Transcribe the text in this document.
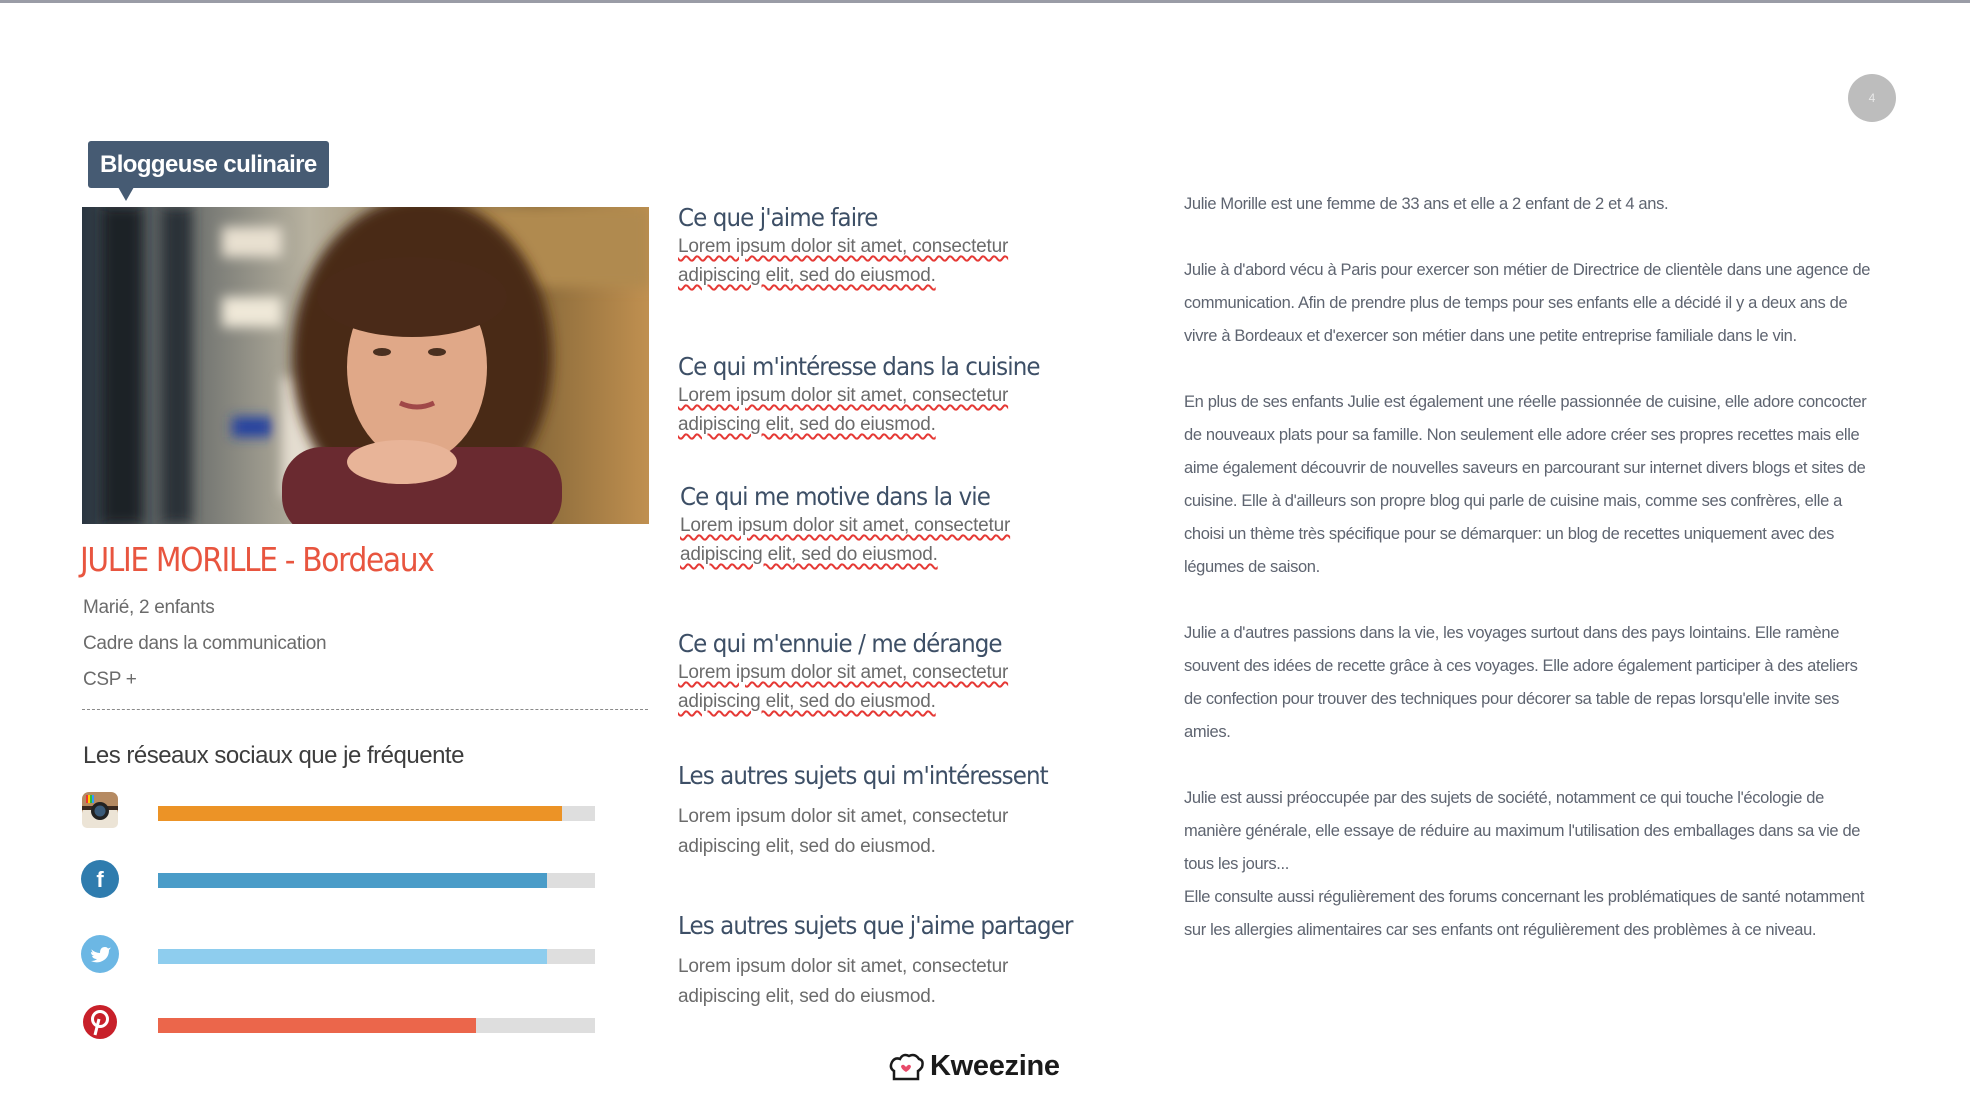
4
Bloggeuse culinaire
JULIE MORILLE - Bordeaux
Marié, 2 enfants
Cadre dans la communication
CSP +
Les réseaux sociaux que je fréquente
f
Ce que j'aime faire
Lorem ipsum dolor sit amet, consectetur
adipiscing elit, sed do eiusmod.
Ce qui m'intéresse dans la cuisine
Lorem ipsum dolor sit amet, consectetur
adipiscing elit, sed do eiusmod.
Ce qui me motive dans la vie
Lorem ipsum dolor sit amet, consectetur
adipiscing elit, sed do eiusmod.
Ce qui m'ennuie / me dérange
Lorem ipsum dolor sit amet, consectetur
adipiscing elit, sed do eiusmod.
Les autres sujets qui m'intéressent
Lorem ipsum dolor sit amet, consectetur
adipiscing elit, sed do eiusmod.
Les autres sujets que j'aime partager
Lorem ipsum dolor sit amet, consectetur
adipiscing elit, sed do eiusmod.

Julie Morille est une femme de 33 ans et elle a 2 enfant de 2 et 4 ans.

Julie à d'abord vécu à Paris pour exercer son métier de Directrice de clientèle dans une agence de
communication. Afin de prendre plus de temps pour ses enfants elle a décidé il y a deux ans de
vivre à Bordeaux et d'exercer son métier dans une petite entreprise familiale dans le vin.

En plus de ses enfants Julie est également une réelle passionnée de cuisine, elle adore concocter
de nouveaux plats pour sa famille. Non seulement elle adore créer ses propres recettes mais elle
aime également découvrir de nouvelles saveurs en parcourant sur internet divers blogs et sites de
cuisine. Elle à d'ailleurs son propre blog qui parle de cuisine mais, comme ses confrères, elle a
choisi un thème très spécifique pour se démarquer: un blog de recettes uniquement avec des
légumes de saison.

Julie a d'autres passions dans la vie, les voyages surtout dans des pays lointains. Elle ramène
souvent des idées de recette grâce à ces voyages. Elle adore également participer à des ateliers
de confection pour trouver des techniques pour décorer sa table de repas lorsqu'elle invite ses
amies.

Julie est aussi préoccupée par des sujets de société, notamment ce qui touche l'écologie de
manière générale, elle essaye de réduire au maximum l'utilisation des emballages dans sa vie de
tous les jours...

Elle consulte aussi régulièrement des forums concernant les problématiques de santé notamment
sur les allergies alimentaires car ses enfants ont régulièrement des problèmes à ce niveau.

Kweezine
